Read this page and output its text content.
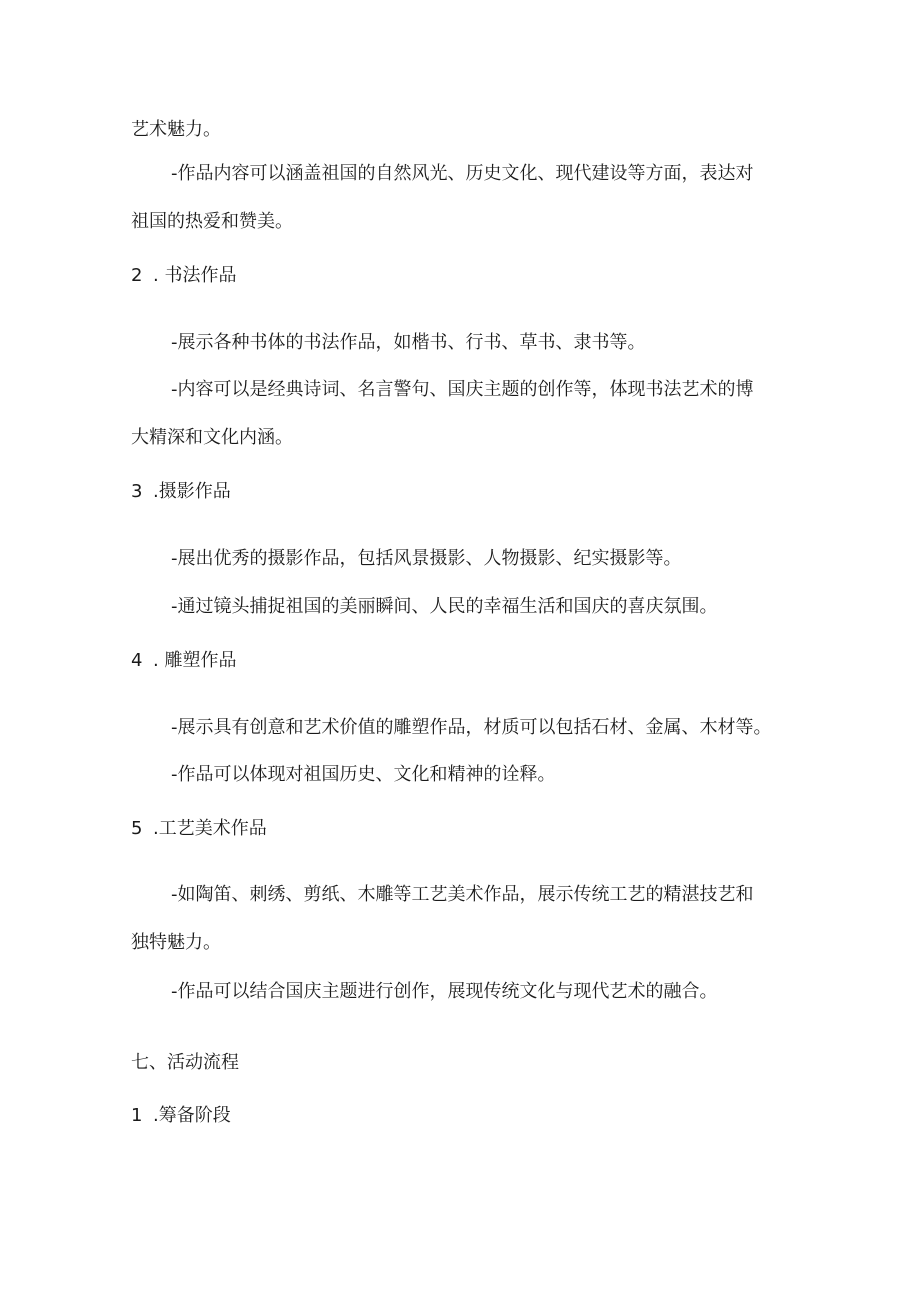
艺术魅力。
-作品内容可以涵盖祖国的自然风光、历史文化、现代建设等方面，表达对
祖国的热爱和赞美。
2 . 书法作品
-展示各种书体的书法作品，如楷书、行书、草书、隶书等。
-内容可以是经典诗词、名言警句、国庆主题的创作等，体现书法艺术的博
大精深和文化内涵。
3 .摄影作品
-展出优秀的摄影作品，包括风景摄影、人物摄影、纪实摄影等。
-通过镜头捕捉祖国的美丽瞬间、人民的幸福生活和国庆的喜庆氛围。
4 . 雕塑作品
-展示具有创意和艺术价值的雕塑作品，材质可以包括石材、金属、木材等。
-作品可以体现对祖国历史、文化和精神的诠释。
5 .工艺美术作品
-如陶笛、刺绣、剪纸、木雕等工艺美术作品，展示传统工艺的精湛技艺和
独特魅力。
-作品可以结合国庆主题进行创作，展现传统文化与现代艺术的融合。
七、活动流程
1 .筹备阶段
